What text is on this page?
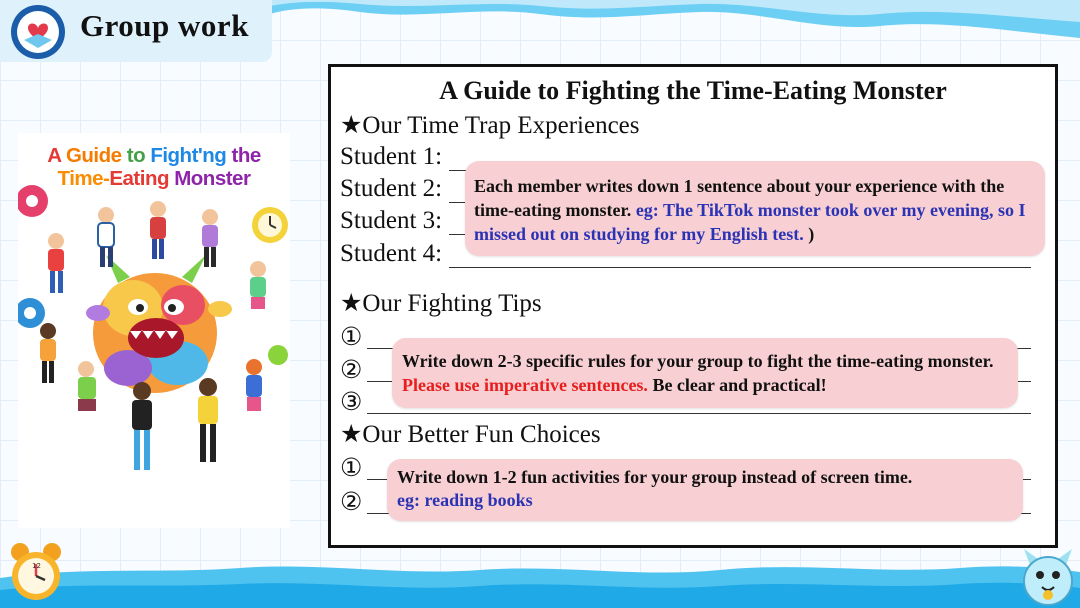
Group work
A Guide to Fight'ng the
Time-Eating Monster
A Guide to Fighting the Time-Eating Monster
★Our Time Trap Experiences
Student 1:
Student 2:
Student 3:
Student 4:
★Our Fighting Tips
①
②
③
★Our Better Fun Choices
①
②
Each member writes down 1 sentence about your experience with the time-eating monster. eg: The TikTok monster took over my evening, so I missed out on studying for my English test. )
Write down 2-3 specific rules for your group to fight the time-eating monster. Please use imperative sentences. Be clear and practical!
Write down 1-2 fun activities for your group instead of screen time.
eg: reading books
12
